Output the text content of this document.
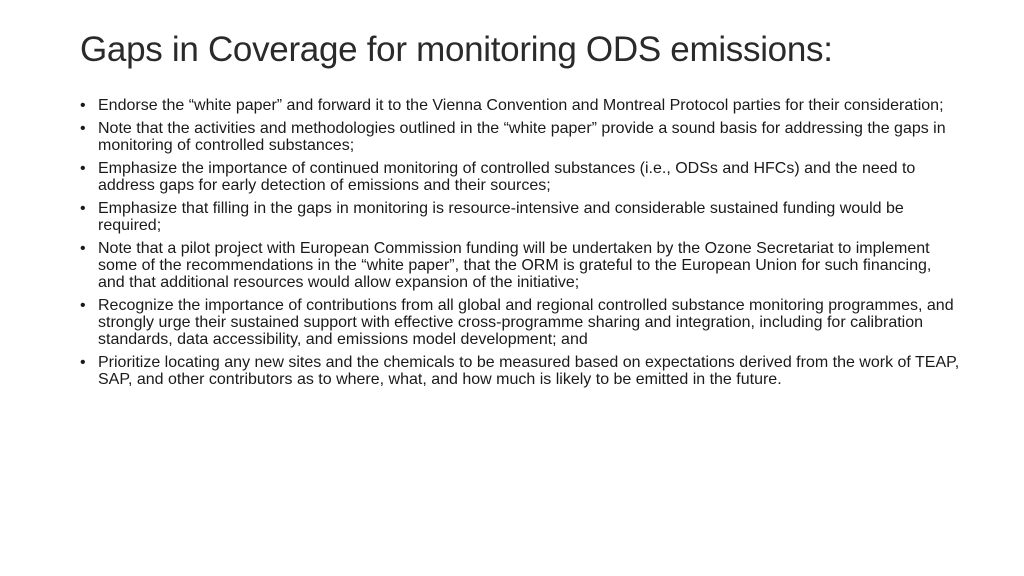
Gaps in Coverage for monitoring ODS emissions:
• Endorse the “white paper” and forward it to the Vienna Convention and Montreal Protocol parties for their consideration;
• Note that the activities and methodologies outlined in the “white paper” provide a sound basis for addressing the gaps in monitoring of controlled substances;
• Emphasize the importance of continued monitoring of controlled substances (i.e., ODSs and HFCs) and the need to address gaps for early detection of emissions and their sources;
• Emphasize that filling in the gaps in monitoring is resource-intensive and considerable sustained funding would be required;
• Note that a pilot project with European Commission funding will be undertaken by the Ozone Secretariat to implement some of the recommendations in the “white paper”, that the ORM is grateful to the European Union for such financing, and that additional resources would allow expansion of the initiative;
• Recognize the importance of contributions from all global and regional controlled substance monitoring programmes, and strongly urge their sustained support with effective cross-programme sharing and integration, including for calibration standards, data accessibility, and emissions model development; and
• Prioritize locating any new sites and the chemicals to be measured based on expectations derived from the work of TEAP, SAP, and other contributors as to where, what, and how much is likely to be emitted in the future.
